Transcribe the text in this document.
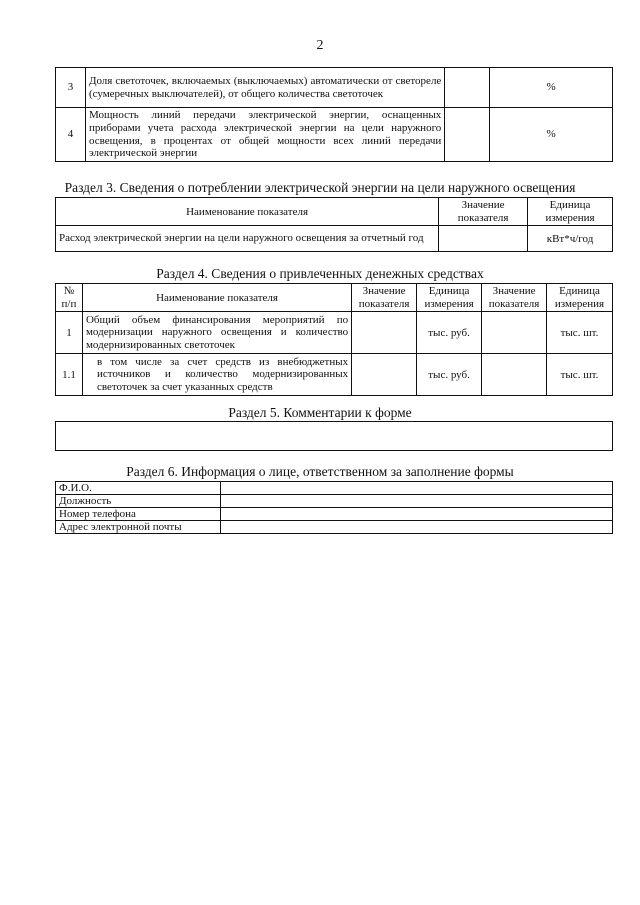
2
3	Доля светоточек, включаемых (выключаемых) автоматически от светореле (сумеречных выключателей), от общего количества светоточек		%
4	Мощность линий передачи электрической энергии, оснащенных приборами учета расхода электрической энергии на цели наружного освещения, в процентах от общей мощности всех линий передачи электрической энергии		%
Раздел 3. Сведения о потреблении электрической энергии на цели наружного освещения
Наименование показателя	Значение показателя	Единица измерения
Расход электрической энергии на цели наружного освещения за отчетный год		кВт*ч/год
Раздел 4. Сведения о привлеченных денежных средствах
№ п/п	Наименование показателя	Значение показателя	Единица измерения	Значение показателя	Единица измерения
1	Общий объем финансирования мероприятий по модернизации наружного освещения и количество модернизированных светоточек		тыс. руб.		тыс. шт.
1.1	в том числе за счет средств из внебюджетных источников и количество модернизированных светоточек за счет указанных средств		тыс. руб.		тыс. шт.
Раздел 5. Комментарии к форме
Раздел 6. Информация о лице, ответственном за заполнение формы
Ф.И.О.	
Должность	
Номер телефона	
Адрес электронной почты	
